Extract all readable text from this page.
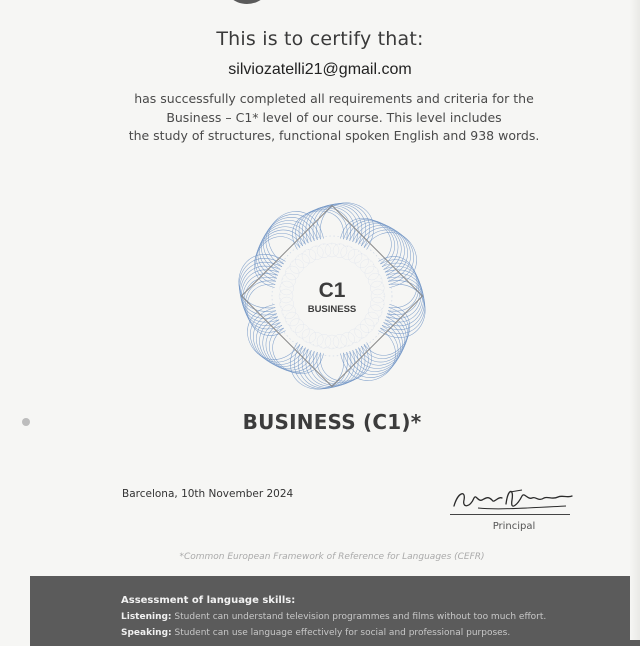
This is to certify that:
silviozatelli21@gmail.com
has successfully completed all requirements and criteria for the
Business – C1* level of our course. This level includes
the study of structures, functional spoken English and 938 words.
C1
BUSINESS
BUSINESS (C1)*
Barcelona, 10th November 2024
Principal
*Common European Framework of Reference for Languages (CEFR)
Assessment of language skills:
Listening: Student can understand television programmes and films without too much effort.
Speaking: Student can use language effectively for social and professional purposes.
